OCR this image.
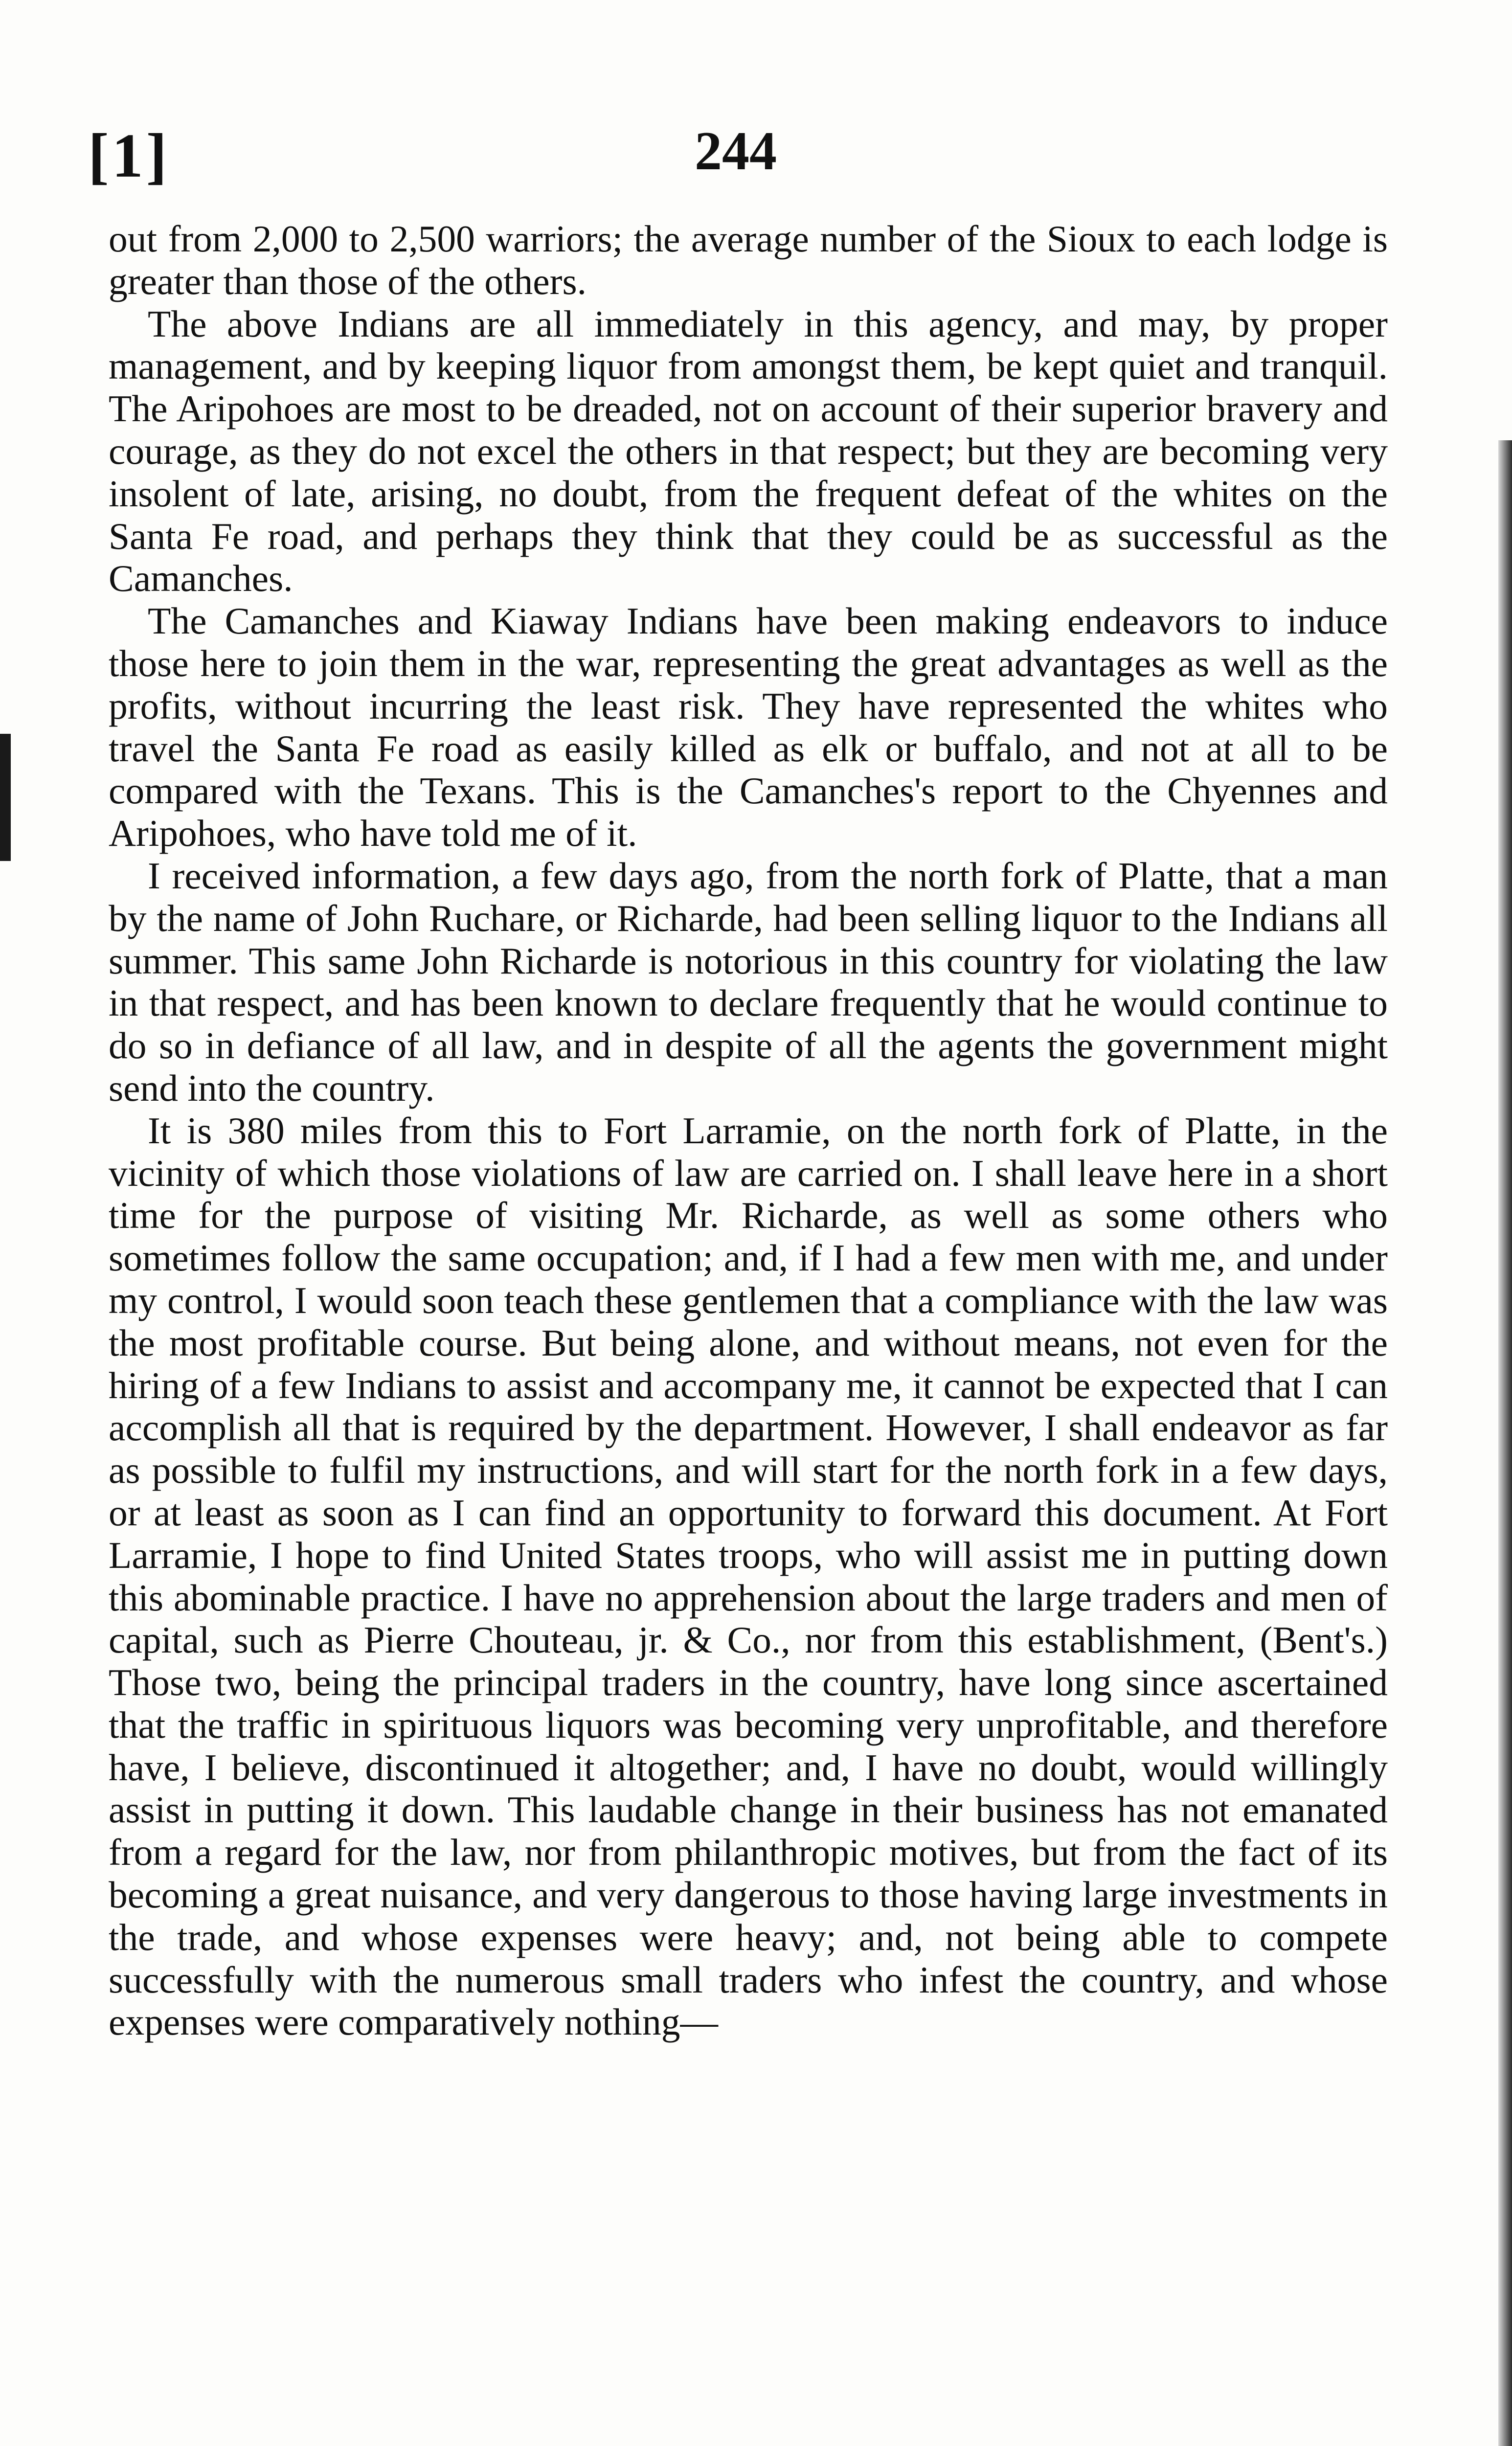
[1]	244

out from 2,000 to 2,500 warriors; the average number of the Sioux to each lodge is greater than those of the others.

The above Indians are all immediately in this agency, and may, by proper management, and by keeping liquor from amongst them, be kept quiet and tranquil. The Aripohoes are most to be dreaded, not on account of their superior bravery and courage, as they do not excel the others in that respect; but they are becoming very insolent of late, arising, no doubt, from the frequent defeat of the whites on the Santa Fe road, and perhaps they think that they could be as successful as the Camanches.

The Camanches and Kiaway Indians have been making endeavors to induce those here to join them in the war, representing the great advantages as well as the profits, without incurring the least risk. They have represented the whites who travel the Santa Fe road as easily killed as elk or buffalo, and not at all to be compared with the Texans. This is the Camanches's report to the Chyennes and Aripohoes, who have told me of it.

I received information, a few days ago, from the north fork of Platte, that a man by the name of John Ruchare, or Richarde, had been selling liquor to the Indians all summer. This same John Richarde is notorious in this country for violating the law in that respect, and has been known to declare frequently that he would continue to do so in defiance of all law, and in despite of all the agents the government might send into the country.

It is 380 miles from this to Fort Larramie, on the north fork of Platte, in the vicinity of which those violations of law are carried on. I shall leave here in a short time for the purpose of visiting Mr. Richarde, as well as some others who sometimes follow the same occupation; and, if I had a few men with me, and under my control, I would soon teach these gentlemen that a compliance with the law was the most profitable course. But being alone, and without means, not even for the hiring of a few Indians to assist and accompany me, it cannot be expected that I can accomplish all that is required by the department. However, I shall endeavor as far as possible to fulfil my instructions, and will start for the north fork in a few days, or at least as soon as I can find an opportunity to forward this document. At Fort Larramie, I hope to find United States troops, who will assist me in putting down this abominable practice. I have no apprehension about the large traders and men of capital, such as Pierre Chouteau, jr. & Co., nor from this establishment, (Bent's.) Those two, being the principal traders in the country, have long since ascertained that the traffic in spirituous liquors was becoming very unprofitable, and therefore have, I believe, discontinued it altogether; and, I have no doubt, would willingly assist in putting it down. This laudable change in their business has not emanated from a regard for the law, nor from philanthropic motives, but from the fact of its becoming a great nuisance, and very dangerous to those having large investments in the trade, and whose expenses were heavy; and, not being able to compete successfully with the numerous small traders who infest the country, and whose expenses were comparatively nothing—
